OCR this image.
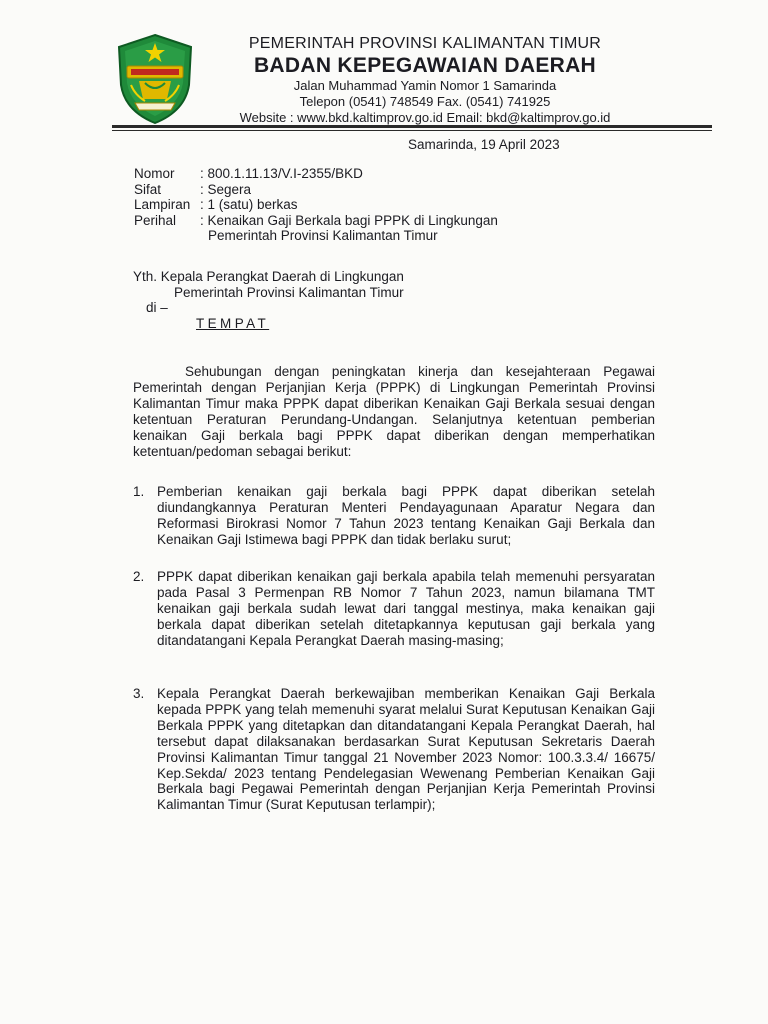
PEMERINTAH PROVINSI KALIMANTAN TIMUR
BADAN KEPEGAWAIAN DAERAH
Jalan Muhammad Yamin Nomor 1 Samarinda
Telepon (0541) 748549 Fax. (0541) 741925
Website : www.bkd.kaltimprov.go.id Email: bkd@kaltimprov.go.id
Samarinda, 19 April 2023
Nomor	: 800.1.11.13/V.I-2355/BKD
Sifat	: Segera
Lampiran : 1 (satu) berkas
Perihal	: Kenaikan Gaji Berkala bagi PPPK di Lingkungan
Pemerintah Provinsi Kalimantan Timur
Yth. Kepala Perangkat Daerah di Lingkungan
Pemerintah Provinsi Kalimantan Timur
di –
TEMPAT

Sehubungan dengan peningkatan kinerja dan kesejahteraan Pegawai Pemerintah dengan Perjanjian Kerja (PPPK) di Lingkungan Pemerintah Provinsi Kalimantan Timur maka PPPK dapat diberikan Kenaikan Gaji Berkala sesuai dengan ketentuan Peraturan Perundang-Undangan. Selanjutnya ketentuan pemberian kenaikan Gaji berkala bagi PPPK dapat diberikan dengan memperhatikan ketentuan/pedoman sebagai berikut:

1. Pemberian kenaikan gaji berkala bagi PPPK dapat diberikan setelah diundangkannya Peraturan Menteri Pendayagunaan Aparatur Negara dan Reformasi Birokrasi Nomor 7 Tahun 2023 tentang Kenaikan Gaji Berkala dan Kenaikan Gaji Istimewa bagi PPPK dan tidak berlaku surut;
2. PPPK dapat diberikan kenaikan gaji berkala apabila telah memenuhi persyaratan pada Pasal 3 Permenpan RB Nomor 7 Tahun 2023, namun bilamana TMT kenaikan gaji berkala sudah lewat dari tanggal mestinya, maka kenaikan gaji berkala dapat diberikan setelah ditetapkannya keputusan gaji berkala yang ditandatangani Kepala Perangkat Daerah masing-masing;
3. Kepala Perangkat Daerah berkewajiban memberikan Kenaikan Gaji Berkala kepada PPPK yang telah memenuhi syarat melalui Surat Keputusan Kenaikan Gaji Berkala PPPK yang ditetapkan dan ditandatangani Kepala Perangkat Daerah, hal tersebut dapat dilaksanakan berdasarkan Surat Keputusan Sekretaris Daerah Provinsi Kalimantan Timur tanggal 21 November 2023 Nomor: 100.3.3.4/ 16675/ Kep.Sekda/ 2023 tentang Pendelegasian Wewenang Pemberian Kenaikan Gaji Berkala bagi Pegawai Pemerintah dengan Perjanjian Kerja Pemerintah Provinsi Kalimantan Timur (Surat Keputusan terlampir);
